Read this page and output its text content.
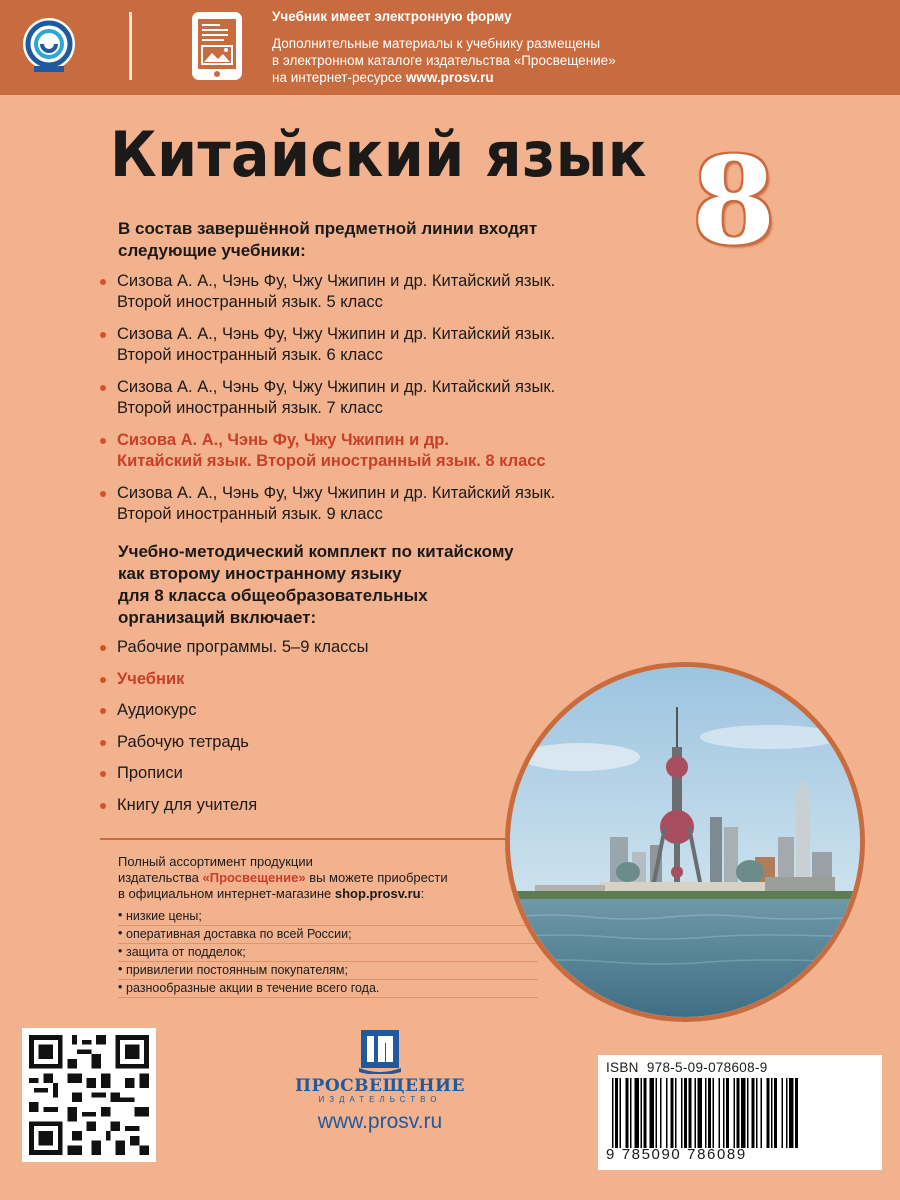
Учебник имеет электронную форму
Дополнительные материалы к учебнику размещены
в электронном каталоге издательства «Просвещение»
на интернет-ресурсе www.prosv.ru
Китайский язык 8
В состав завершённой предметной линии входят
следующие учебники:
Сизова А. А., Чэнь Фу, Чжу Чжипин и др. Китайский язык.
Второй иностранный язык. 5 класс
Сизова А. А., Чэнь Фу, Чжу Чжипин и др. Китайский язык.
Второй иностранный язык. 6 класс
Сизова А. А., Чэнь Фу, Чжу Чжипин и др. Китайский язык.
Второй иностранный язык. 7 класс
Сизова А. А., Чэнь Фу, Чжу Чжипин и др.
Китайский язык. Второй иностранный язык. 8 класс
Сизова А. А., Чэнь Фу, Чжу Чжипин и др. Китайский язык.
Второй иностранный язык. 9 класс
Учебно-методический комплект по китайскому
как второму иностранному языку
для 8 класса общеобразовательных
организаций включает:
Рабочие программы. 5–9 классы
Учебник
Аудиокурс
Рабочую тетрадь
Прописи
Книгу для учителя
Полный ассортимент продукции
издательства «Просвещение» вы можете приобрести
в официальном интернет-магазине shop.prosv.ru:
• низкие цены;
• оперативная доставка по всей России;
• защита от подделок;
• привилегии постоянным покупателям;
• разнообразные акции в течение всего года.
ПРОСВЕЩЕНИЕ
ИЗДАТЕЛЬСТВО
www.prosv.ru
ISBN 978-5-09-078608-9
9 785090 786089
